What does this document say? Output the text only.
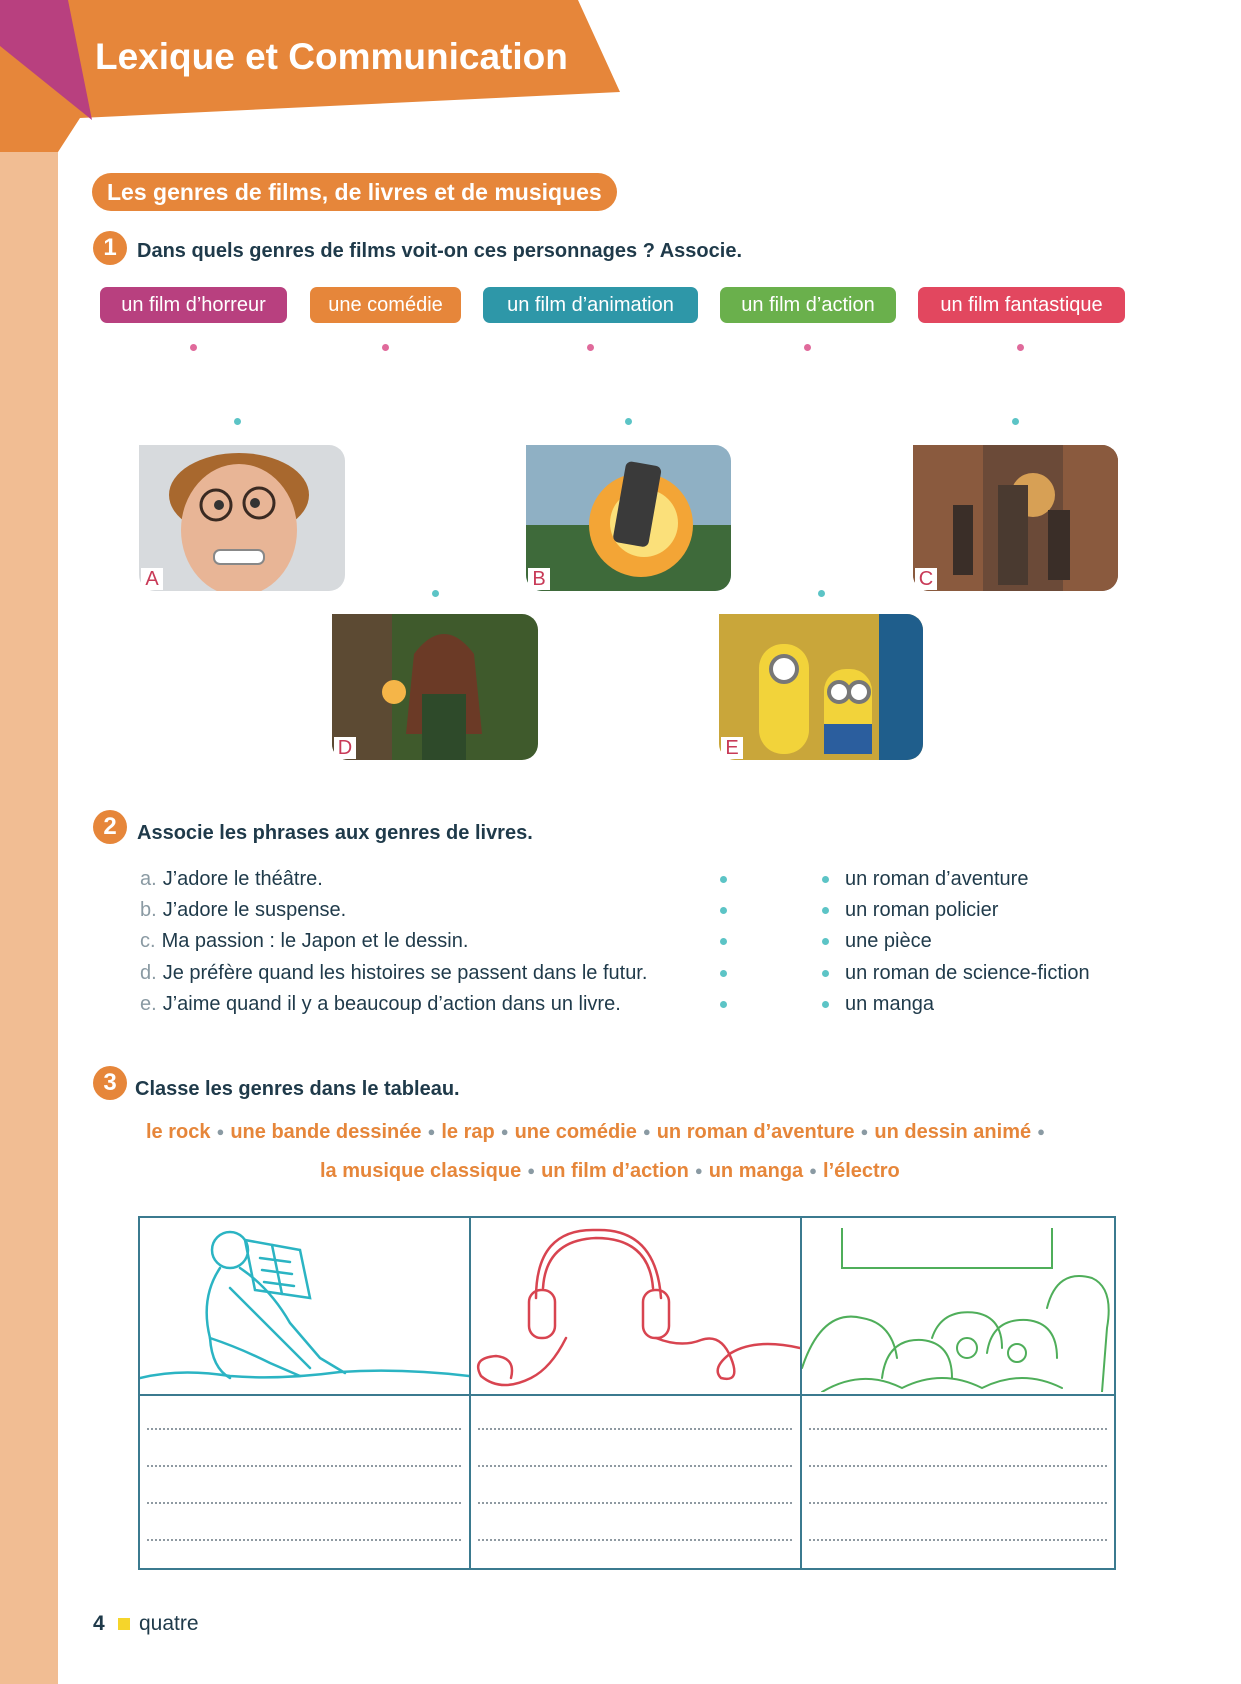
Lexique et Communication
Les genres de films, de livres et de musiques
1	Dans quels genres de films voit-on ces personnages ? Associe.
un film d’horreur	une comédie	un film d’animation	un film d’action	un film fantastique
A	B	C
D	E
2	Associe les phrases aux genres de livres.
a. J’adore le théâtre.
b. J’adore le suspense.
c. Ma passion : le Japon et le dessin.
d. Je préfère quand les histoires se passent dans le futur.
e. J’aime quand il y a beaucoup d’action dans un livre.
un roman d’aventure
un roman policier
une pièce
un roman de science-fiction
un manga
3 Classe les genres dans le tableau.
le rock ● une bande dessinée ● le rap ● une comédie ● un roman d’aventure ● un dessin animé ●
la musique classique ● un film d’action ● un manga ● l’électro
4 quatre
